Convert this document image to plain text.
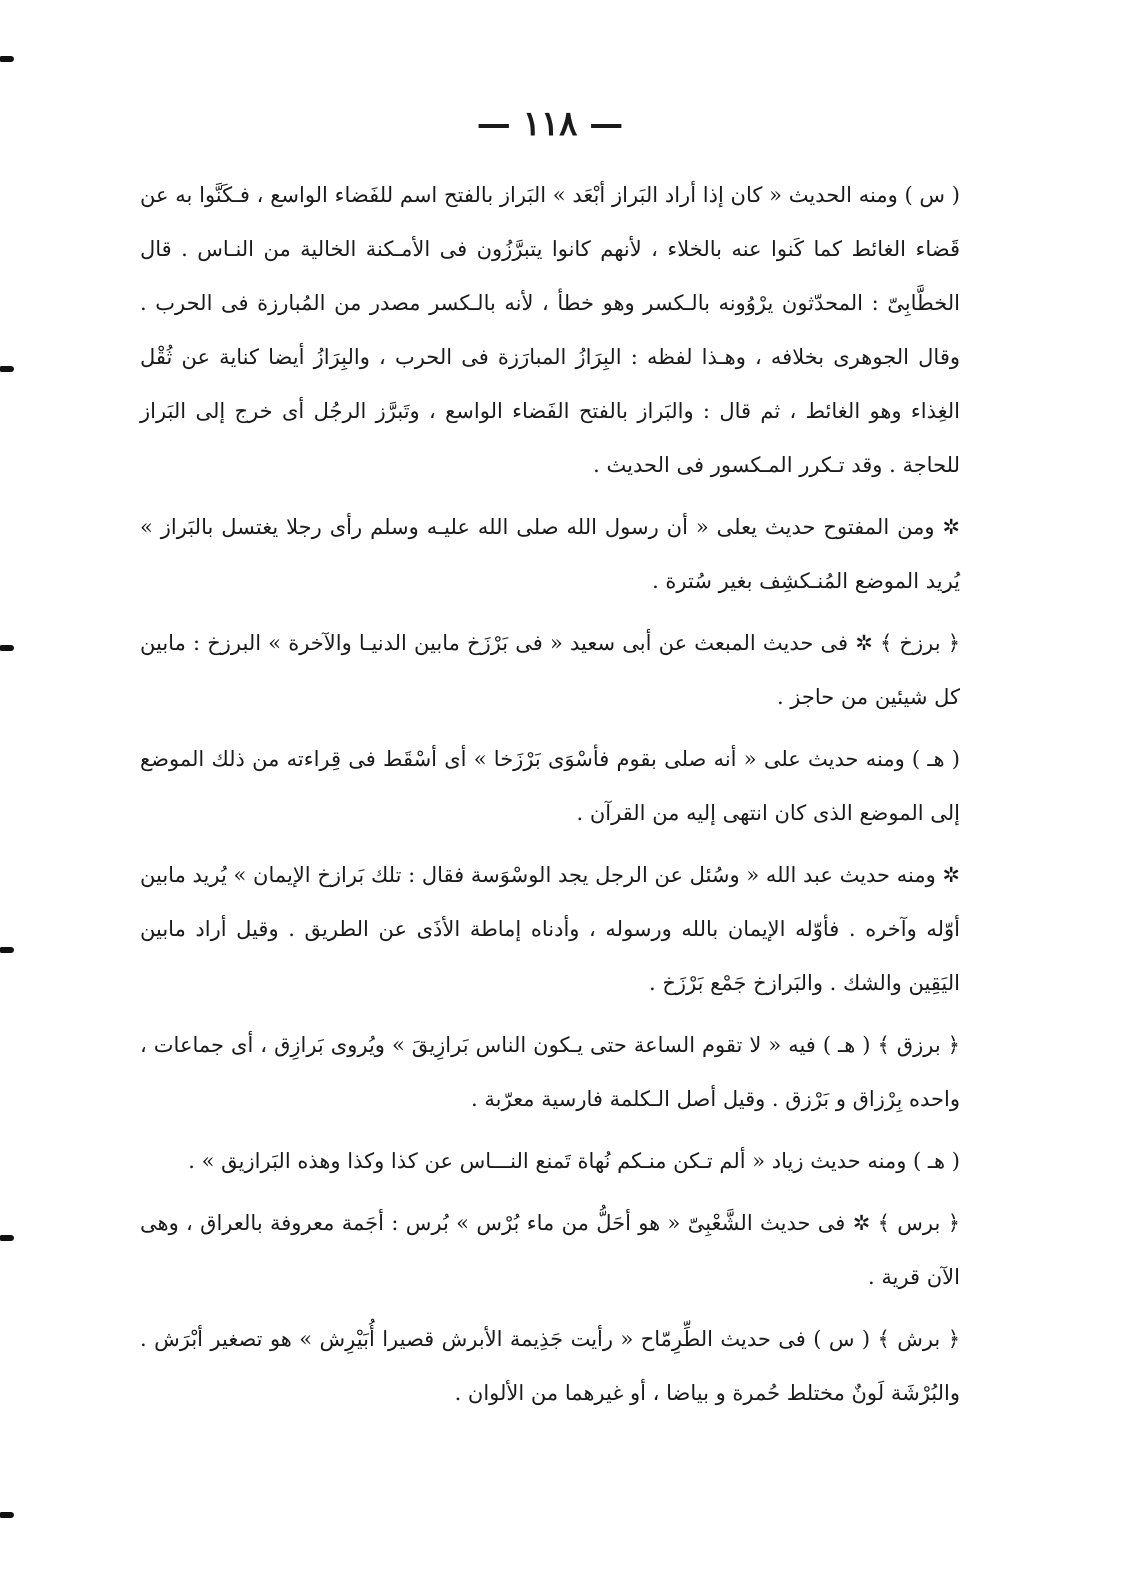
— ١١٨ —

( س ) ومنه الحديث « كان إذا أراد البَراز أبْعَد » البَراز بالفتح اسم للفَضاء الواسع ، فـكَنَّوا به عن قَضاء الغائط كما كَنوا عنه بالخلاء ، لأنهم كانوا يتبرَّزُون فى الأمـكنة الخالية من النـاس . قال الخطَّابِىّ : المحدّثون يرْوُونه بالـكسر وهو خطأ ، لأنه بالـكسر مصدر من المُبارزة فى الحرب . وقال الجوهرى بخلافه ، وهـذا لفظه : البِرَازُ المبارَزة فى الحرب ، والبِرَازُ أيضا كناية عن ثُقْل الغِذاء وهو الغائط ، ثم قال : والبَراز بالفتح الفَضاء الواسع ، وتَبرَّز الرجُل أى خرج إلى البَراز للحاجة . وقد تـكرر المـكسور فى الحديث .

✲ ومن المفتوح حديث يعلى « أن رسول الله صلى الله عليـه وسلم رأى رجلا يغتسل بالبَراز » يُريد الموضع المُنـكشِف بغير سُترة .

﴿ برزخ ﴾ ✲ فى حديث المبعث عن أبى سعيد « فى بَرْزَخ مابين الدنيـا والآخرة » البرزخ : مابين كل شيئين من حاجز .

( هـ ) ومنه حديث على « أنه صلى بقوم فأسْوَى بَرْزَخا » أى أسْقَط فى قِراءته من ذلك الموضع إلى الموضع الذى كان انتهى إليه من القرآن .

✲ ومنه حديث عبد الله « وسُئل عن الرجل يجد الوسْوَسة فقال : تلك بَرازخ الإيمان » يُريد مابين أوّله وآخره . فأوّله الإيمان بالله ورسوله ، وأدناه إماطة الأذَى عن الطريق . وقيل أراد مابين اليَقِين والشك . والبَرازخ جَمْع بَرْزَخ .

﴿ برزق ﴾ ( هـ ) فيه « لا تقوم الساعة حتى يـكون الناس بَرازِيقَ » ويُروى بَرازِق ، أى جماعات ، واحده بِرْزاق و بَرْزق . وقيل أصل الـكلمة فارسية معرّبة .

( هـ ) ومنه حديث زياد « ألم تـكن منـكم نُهاة تَمنع النـــاس عن كذا وكذا وهذه البَرازيق » .

﴿ برس ﴾ ✲ فى حديث الشَّعْبِىّ « هو أحَلُّ من ماء بُرْس » بُرس : أجَمة معروفة بالعراق ، وهى الآن قرية .

﴿ برش ﴾ ( س ) فى حديث الطِّرِمّاح « رأيت جَذِيمة الأبرش قصيرا أُبَيْرِش » هو تصغير أبْرَش . والبُرْشَة لَونٌ مختلط حُمرة و بياضا ، أو غيرهما من الألوان .
